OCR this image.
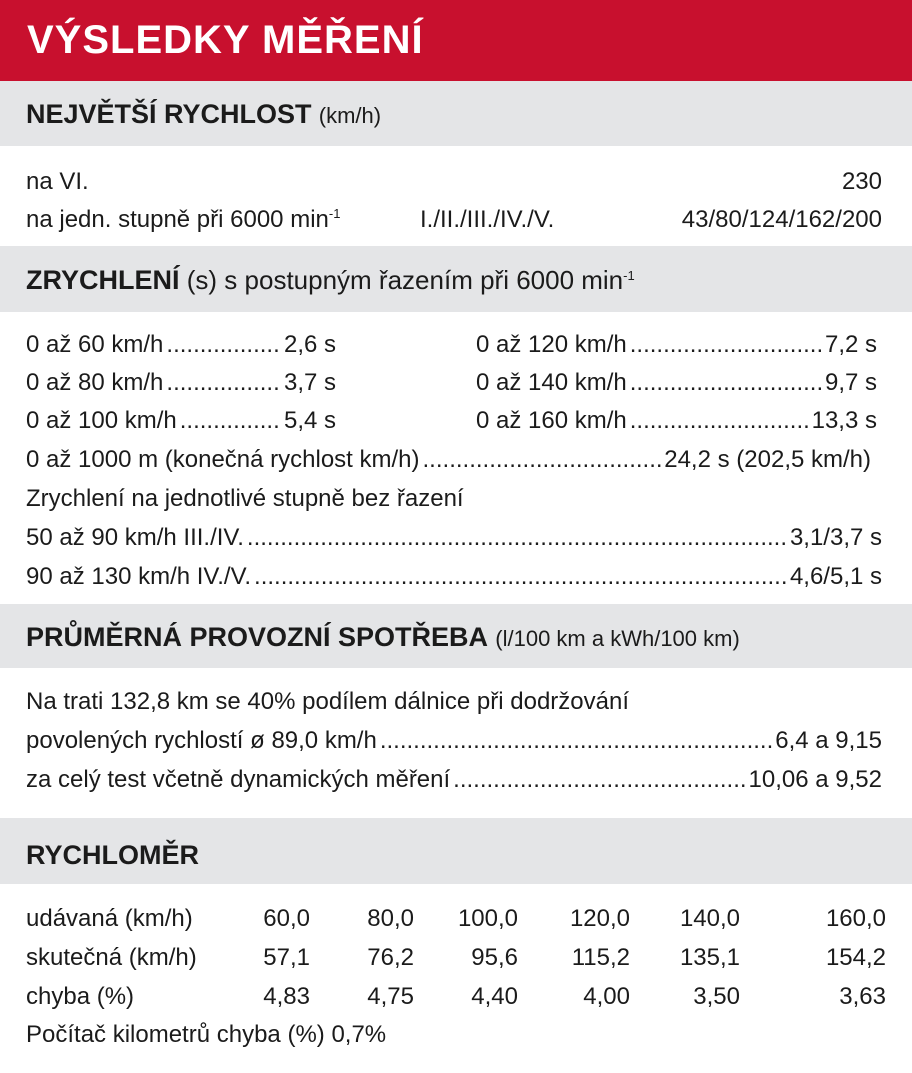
VÝSLEDKY MĚŘENÍ
NEJVĚTŠÍ RYCHLOST (km/h)
na VI.	230
na jedn. stupně při 6000 $\min^{-1}$	I./II./III./IV./V.	43/80/124/162/200
ZRYCHLENÍ (s) s postupným řazením při 6000 $\min^{-1}$
0 až 60 km/h .....	2,6 s
0 až 80 km/h .....	3,7 s
0 až 100 km/h .....	5,4 s
0 až 120 km/h .....	7,2 s
0 až 140 km/h .....	9,7 s
0 až 160 km/h .....	13,3 s
0 až 1000 m (konečná rychlost km/h) .....	24,2 s (202,5 km/h)
Zrychlení na jednotlivé stupně bez řazení
50 až 90 km/h III./IV. .....	3,1/3,7 s
90 až 130 km/h IV./V. .....	4,6/5,1 s
PRŮMĚRNÁ PROVOZNÍ SPOTŘEBA (l/100 km a kWh/100 km)
Na trati 132,8 km se 40% podílem dálnice při dodržování
povolených rychlostí ø 89,0 km/h .....	6,4 a 9,15
za celý test včetně dynamických měření .....	10,06 a 9,52
RYCHLOMĚR
udávaná (km/h)	60,0 80,0 100,0 120,0 140,0	160,0
skutečná (km/h)	57,1 76,2 95,6 115,2 135,1	154,2
chyba (%)	4,83 4,75 4,40	4,00	3,50	3,63
Počítač kilometrů chyba (%) 0,7%
